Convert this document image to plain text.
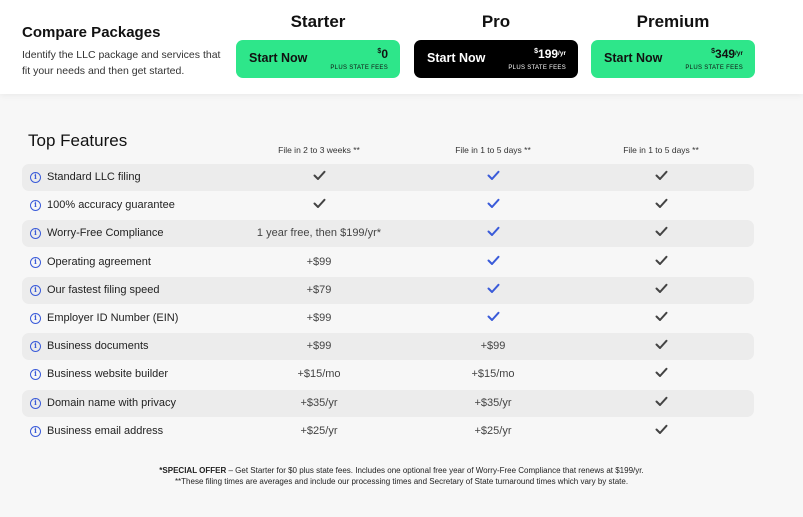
Compare Packages
Identify the LLC package and services that fit your needs and then get started.
Starter
Start Now	$0
PLUS STATE FEES
Pro
Start Now	$^{\$}199_{/yr}$
PLUS STATE FEES
Premium
Start Now	$^{\$}349_{/yr}$
PLUS STATE FEES
Top Features	File in 2 to 3 weeks **	File in 1 to 5 days **	File in 1 to 5 days **
i Standard LLC filing
i 100% accuracy guarantee
i Worry-Free Compliance	1 year free, then $199/yr*
i Operating agreement	+$99
i Our fastest filing speed	+$79
i Employer ID Number (EIN)	+$99
i Business documents	+$99	+$99
i Business website builder	+$15/mo	+$15/mo
i Domain name with privacy	+$35/yr	+$35/yr
i Business email address	+$25/yr	+$25/yr
*SPECIAL OFFER – Get Starter for $0 plus state fees. Includes one optional free year of Worry-Free Compliance that renews at $199/yr.
**These filing times are averages and include our processing times and Secretary of State turnaround times which vary by state.
